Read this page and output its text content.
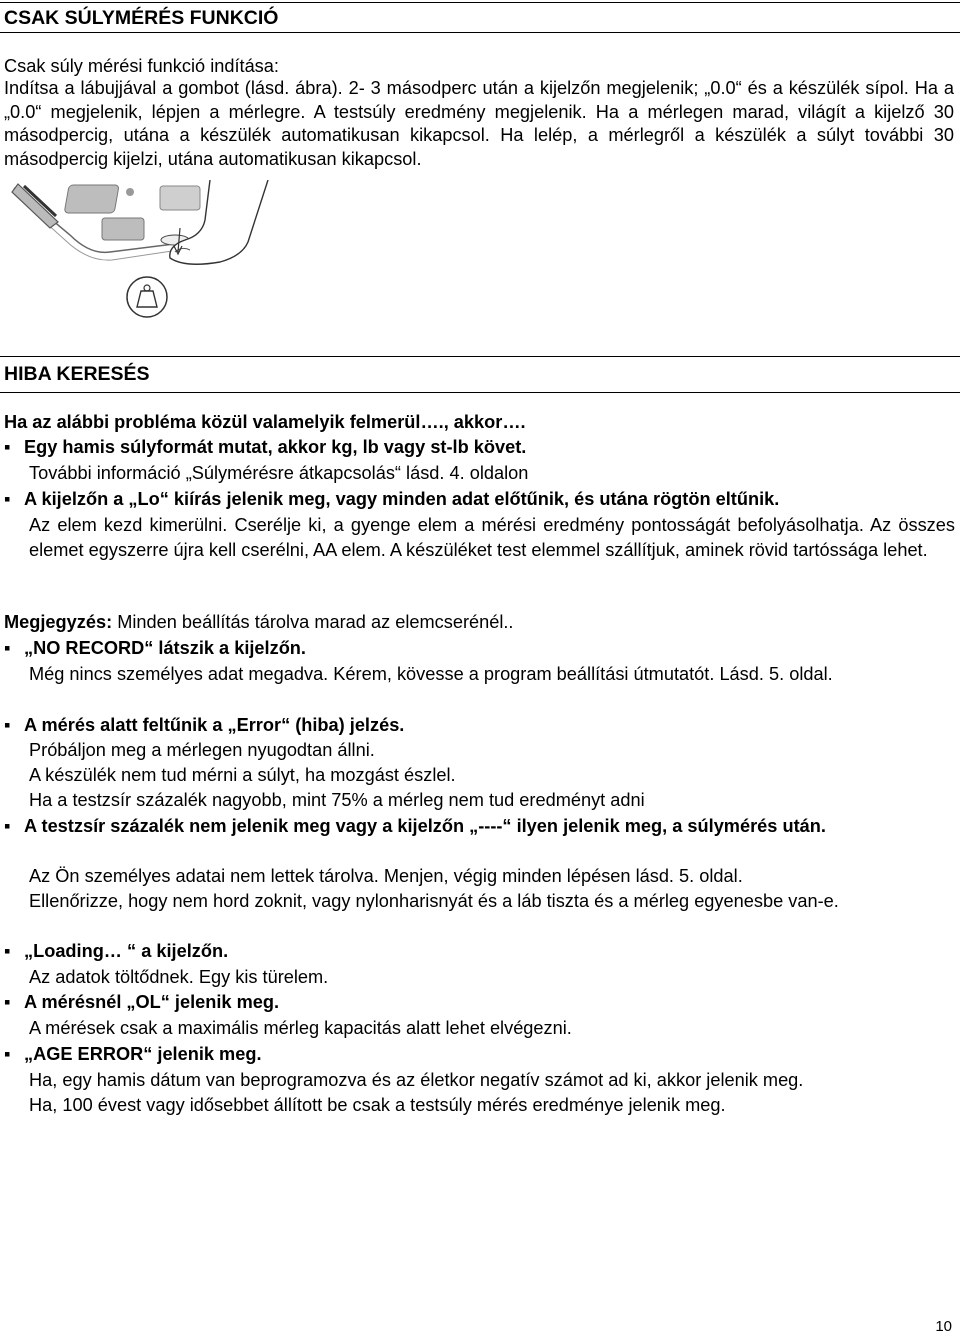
CSAK SÚLYMÉRÉS FUNKCIÓ
Csak súly mérési funkció indítása:
Indítsa a lábujjával a gombot (lásd. ábra). 2- 3 másodperc után a kijelzőn megjelenik; „0.0“ és a készülék sípol. Ha a „0.0“ megjelenik, lépjen a mérlegre. A testsúly eredmény megjelenik. Ha a mérlegen marad, világít a kijelző 30 másodpercig, utána a készülék automatikusan kikapcsol. Ha lelép, a mérlegről a készülék a súlyt további 30 másodpercig kijelzi, utána automatikusan kikapcsol.
HIBA KERESÉS
Ha az alábbi probléma közül valamelyik felmerül…., akkor….
▪ Egy hamis súlyformát mutat, akkor kg, lb vagy st-lb követ.
További információ „Súlymérésre átkapcsolás“ lásd. 4. oldalon
▪ A kijelzőn a „Lo“ kiírás jelenik meg, vagy minden adat előtűnik, és utána rögtön eltűnik.
Az elem kezd kimerülni. Cserélje ki, a gyenge elem a mérési eredmény pontosságát befolyásolhatja. Az összes elemet egyszerre újra kell cserélni, AA elem. A készüléket test elemmel szállítjuk, aminek rövid tartóssága lehet.
Megjegyzés: Minden beállítás tárolva marad az elemcserénél..
▪ „NO RECORD“ látszik a kijelzőn.
Még nincs személyes adat megadva. Kérem, kövesse a program beállítási útmutatót. Lásd. 5. oldal.
▪ A mérés alatt feltűnik a „Error“ (hiba) jelzés.
Próbáljon meg a mérlegen nyugodtan állni.
A készülék nem tud mérni a súlyt, ha mozgást észlel.
Ha a testzsír százalék nagyobb, mint 75% a mérleg nem tud eredményt adni
▪ A testzsír százalék nem jelenik meg vagy a kijelzőn „----“ ilyen jelenik meg, a súlymérés után.
Az Ön személyes adatai nem lettek tárolva. Menjen, végig minden lépésen lásd. 5. oldal.
Ellenőrizze, hogy nem hord zoknit, vagy nylonharisnyát és a láb tiszta és a mérleg egyenesbe van-e.
▪ „Loading… “ a kijelzőn.
Az adatok töltődnek. Egy kis türelem.
▪ A mérésnél „OL“ jelenik meg.
A mérések csak a maximális mérleg kapacitás alatt lehet elvégezni.
▪ „AGE ERROR“ jelenik meg.
Ha, egy hamis dátum van beprogramozva és az életkor negatív számot ad ki, akkor jelenik meg.
Ha, 100 évest vagy idősebbet állított be csak a testsúly mérés eredménye jelenik meg.
10
